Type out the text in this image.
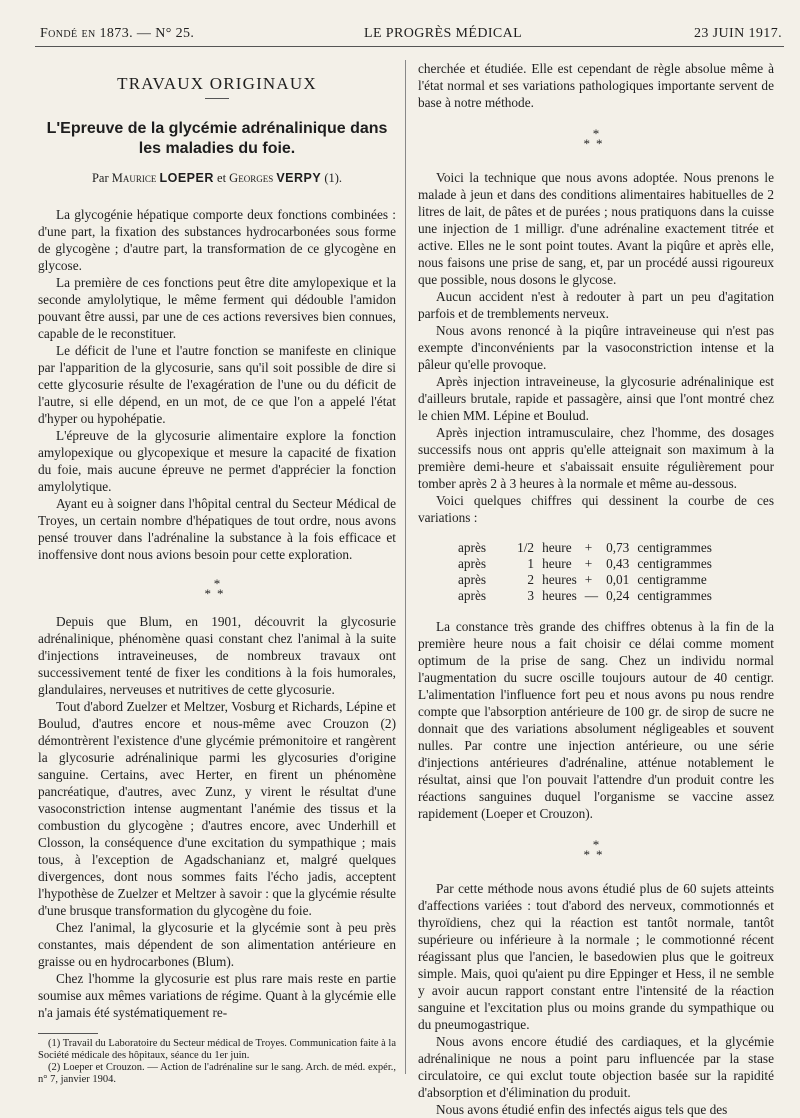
Fondé en 1873. — N° 25.	LE PROGRÈS MÉDICAL	23 JUIN 1917.
TRAVAUX ORIGINAUX
L'Epreuve de la glycémie adrénalinique dans les maladies du foie.
Par Maurice LOEPER et Georges VERPY (1).

La glycogénie hépatique comporte deux fonctions combinées : d'une part, la fixation des substances hydrocarbonées sous forme de glycogène ; d'autre part, la transformation de ce glycogène en glycose.

La première de ces fonctions peut être dite amylopexique et la seconde amylolytique, le même ferment qui dédouble l'amidon pouvant être aussi, par une de ces actions reversives bien connues, capable de le reconstituer.

Le déficit de l'une et l'autre fonction se manifeste en clinique par l'apparition de la glycosurie, sans qu'il soit possible de dire si cette glycosurie résulte de l'exagération de l'une ou du déficit de l'autre, si elle dépend, en un mot, de ce que l'on a appelé l'état d'hyper ou hypohépatie.

L'épreuve de la glycosurie alimentaire explore la fonction amylopexique ou glycopexique et mesure la capacité de fixation du foie, mais aucune épreuve ne permet d'apprécier la fonction amylolytique.

Ayant eu à soigner dans l'hôpital central du Secteur Médical de Troyes, un certain nombre d'hépatiques de tout ordre, nous avons pensé trouver dans l'adrénaline la substance à la fois efficace et inoffensive dont nous avions besoin pour cette exploration.

*
**

Depuis que Blum, en 1901, découvrit la glycosurie adrénalinique, phénomène quasi constant chez l'animal à la suite d'injections intraveineuses, de nombreux travaux ont successivement tenté de fixer les conditions à la fois humorales, glandulaires, nerveuses et nutritives de cette glycosurie.

Tout d'abord Zuelzer et Meltzer, Vosburg et Richards, Lépine et Boulud, d'autres encore et nous-même avec Crouzon (2) démontrèrent l'existence d'une glycémie prémonitoire et rangèrent la glycosurie adrénalinique parmi les glycosuries d'origine sanguine. Certains, avec Herter, en firent un phénomène pancréatique, d'autres, avec Zunz, y virent le résultat d'une vasoconstriction intense augmentant l'anémie des tissus et la combustion du glycogène ; d'autres encore, avec Underhill et Closson, la conséquence d'une excitation du sympathique ; mais tous, à l'exception de Agadschanianz et, malgré quelques divergences, dont nous sommes faits l'écho jadis, acceptent l'hypothèse de Zuelzer et Meltzer à savoir : que la glycémie résulte d'une brusque transformation du glycogène du foie.

Chez l'animal, la glycosurie et la glycémie sont à peu près constantes, mais dépendent de son alimentation antérieure en graisse ou en hydrocarbones (Blum).

Chez l'homme la glycosurie est plus rare mais reste en partie soumise aux mêmes variations de régime. Quant à la glycémie elle n'a jamais été systématiquement re-

(1) Travail du Laboratoire du Secteur médical de Troyes. Communication faite à la Société médicale des hôpitaux, séance du 1er juin.

(2) Loeper et Crouzon. — Action de l'adrénaline sur le sang. Arch. de méd. expér., n° 7, janvier 1904.

cherchée et étudiée. Elle est cependant de règle absolue même à l'état normal et ses variations pathologiques importante servent de base à notre méthode.

*
**

Voici la technique que nous avons adoptée. Nous prenons le malade à jeun et dans des conditions alimentaires habituelles de 2 litres de lait, de pâtes et de purées ; nous pratiquons dans la cuisse une injection de 1 milligr. d'une adrénaline exactement titrée et active. Elles ne le sont point toutes. Avant la piqûre et après elle, nous faisons une prise de sang, et, par un procédé aussi rigoureux que possible, nous dosons le glycose.

Aucun accident n'est à redouter à part un peu d'agitation parfois et de tremblements nerveux.

Nous avons renoncé à la piqûre intraveineuse qui n'est pas exempte d'inconvénients par la vasoconstriction intense et la pâleur qu'elle provoque.

Après injection intraveineuse, la glycosurie adrénalinique est d'ailleurs brutale, rapide et passagère, ainsi que l'ont montré chez le chien MM. Lépine et Boulud.

Après injection intramusculaire, chez l'homme, des dosages successifs nous ont appris qu'elle atteignait son maximum à la première demi-heure et s'abaissait ensuite régulièrement pour tomber après 2 à 3 heures à la normale et même au-dessous.

Voici quelques chiffres qui dessinent la courbe de ces variations :

après	1/2	heure	+	0,73	centigrammes
après	1	heure	+	0,43	centigrammes
après	2	heures	+	0,01	centigramme
après	3	heures	—	0,24	centigrammes

La constance très grande des chiffres obtenus à la fin de la première heure nous a fait choisir ce délai comme moment optimum de la prise de sang. Chez un individu normal l'augmentation du sucre oscille toujours autour de 40 centigr. L'alimentation l'influence fort peu et nous avons pu nous rendre compte que l'absorption antérieure de 100 gr. de sirop de sucre ne donnait que des variations absolument négligeables et souvent nulles. Par contre une injection antérieure, ou une série d'injections antérieures d'adrénaline, atténue notablement le résultat, ainsi que l'on pouvait l'attendre d'un produit contre les réactions sanguines duquel l'organisme se vaccine assez rapidement (Loeper et Crouzon).

*
**

Par cette méthode nous avons étudié plus de 60 sujets atteints d'affections variées : tout d'abord des nerveux, commotionnés et thyroïdiens, chez qui la réaction est tantôt normale, tantôt supérieure ou inférieure à la normale ; le commotionné récent réagissant plus que l'ancien, le basedowien plus que le goitreux simple. Mais, quoi qu'aient pu dire Eppinger et Hess, il ne semble y avoir aucun rapport constant entre l'intensité de la réaction sanguine et l'excitation plus ou moins grande du sympathique ou du pneumogastrique.

Nous avons encore étudié des cardiaques, et la glycémie adrénalinique ne nous a point paru influencée par la stase circulatoire, ce qui exclut toute objection basée sur la rapidité d'absorption et d'élimination du produit.

Nous avons étudié enfin des infectés aigus tels que des
